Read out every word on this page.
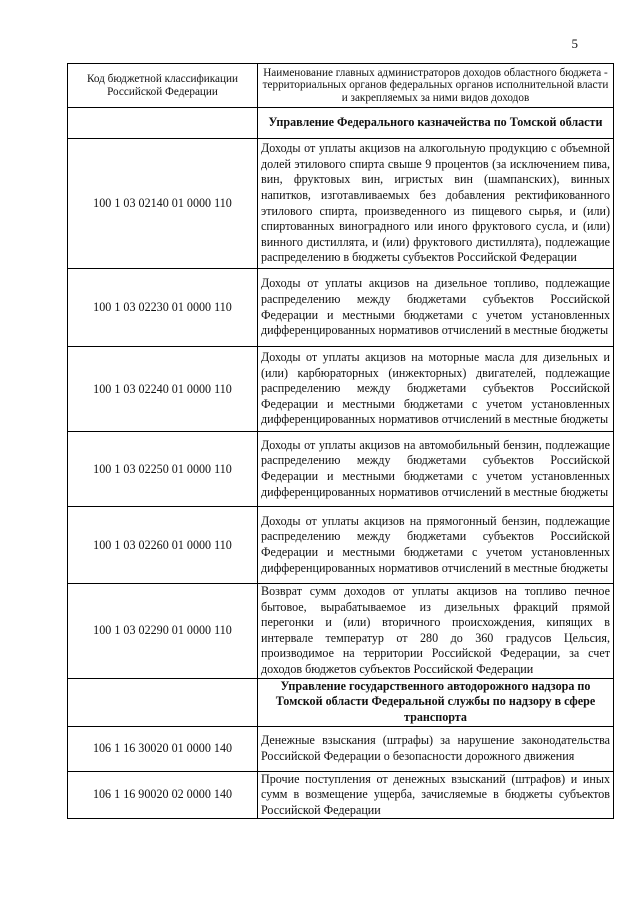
5
Код бюджетной классификации Российской Федерации	Наименование главных администраторов доходов областного бюджета - территориальных органов федеральных органов исполнительной власти и закрепляемых за ними видов доходов
	Управление Федерального казначейства по Томской области
100 1 03 02140 01 0000 110	Доходы от уплаты акцизов на алкогольную продукцию с объемной долей этилового спирта свыше 9 процентов (за исключением пива, вин, фруктовых вин, игристых вин (шампанских), винных напитков, изготавливаемых без добавления ректификованного этилового спирта, произведенного из пищевого сырья, и (или) спиртованных виноградного или иного фруктового сусла, и (или) винного дистиллята, и (или) фруктового дистиллята), подлежащие распределению в бюджеты субъектов Российской Федерации
100 1 03 02230 01 0000 110	Доходы от уплаты акцизов на дизельное топливо, подлежащие распределению между бюджетами субъектов Российской Федерации и местными бюджетами с учетом установленных дифференцированных нормативов отчислений в местные бюджеты
100 1 03 02240 01 0000 110	Доходы от уплаты акцизов на моторные масла для дизельных и (или) карбюраторных (инжекторных) двигателей, подлежащие распределению между бюджетами субъектов Российской Федерации и местными бюджетами с учетом установленных дифференцированных нормативов отчислений в местные бюджеты
100 1 03 02250 01 0000 110	Доходы от уплаты акцизов на автомобильный бензин, подлежащие распределению между бюджетами субъектов Российской Федерации и местными бюджетами с учетом установленных дифференцированных нормативов отчислений в местные бюджеты
100 1 03 02260 01 0000 110	Доходы от уплаты акцизов на прямогонный бензин, подлежащие распределению между бюджетами субъектов Российской Федерации и местными бюджетами с учетом установленных дифференцированных нормативов отчислений в местные бюджеты
100 1 03 02290 01 0000 110	Возврат сумм доходов от уплаты акцизов на топливо печное бытовое, вырабатываемое из дизельных фракций прямой перегонки и (или) вторичного происхождения, кипящих в интервале температур от 280 до 360 градусов Цельсия, производимое на территории Российской Федерации, за счет доходов бюджетов субъектов Российской Федерации
	Управление государственного автодорожного надзора по Томской области Федеральной службы по надзору в сфере транспорта
106 1 16 30020 01 0000 140	Денежные взыскания (штрафы) за нарушение законодательства Российской Федерации о безопасности дорожного движения
106 1 16 90020 02 0000 140	Прочие поступления от денежных взысканий (штрафов) и иных сумм в возмещение ущерба, зачисляемые в бюджеты субъектов Российской Федерации
